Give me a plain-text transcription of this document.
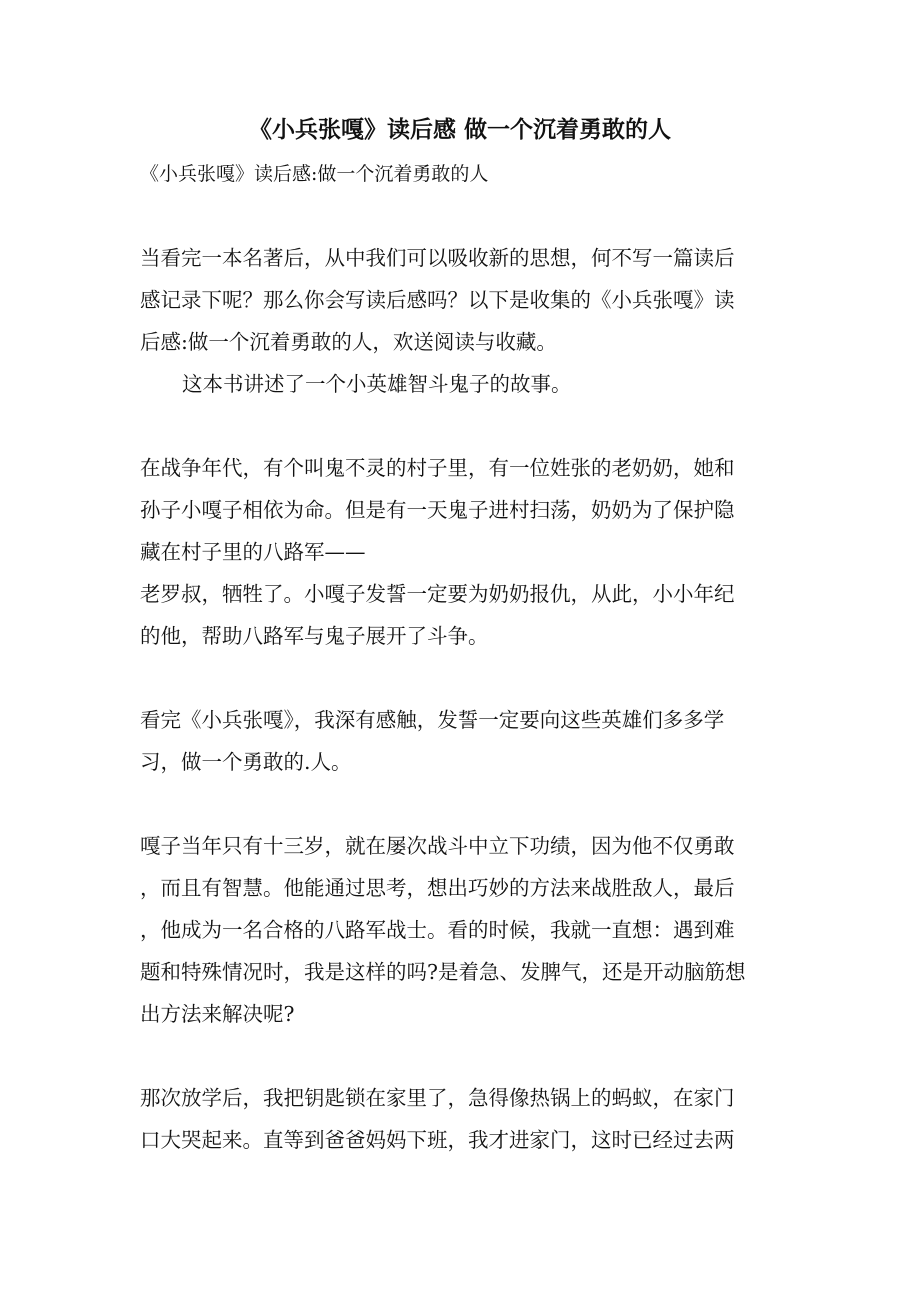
《小兵张嘎》读后感 做一个沉着勇敢的人

《小兵张嘎》读后感:做一个沉着勇敢的人

当看完一本名著后，从中我们可以吸收新的思想，何不写一篇读后

感记录下呢？那么你会写读后感吗？以下是收集的《小兵张嘎》读

后感:做一个沉着勇敢的人，欢送阅读与收藏。

这本书讲述了一个小英雄智斗鬼子的故事。

在战争年代，有个叫鬼不灵的村子里，有一位姓张的老奶奶，她和

孙子小嘎子相依为命。但是有一天鬼子进村扫荡，奶奶为了保护隐

藏在村子里的八路军——

老罗叔，牺牲了。小嘎子发誓一定要为奶奶报仇，从此，小小年纪

的他，帮助八路军与鬼子展开了斗争。

看完《小兵张嘎》，我深有感触，发誓一定要向这些英雄们多多学

习，做一个勇敢的.人。

嘎子当年只有十三岁，就在屡次战斗中立下功绩，因为他不仅勇敢

，而且有智慧。他能通过思考，想出巧妙的方法来战胜敌人，最后

，他成为一名合格的八路军战士。看的时候，我就一直想：遇到难

题和特殊情况时，我是这样的吗?是着急、发脾气，还是开动脑筋想

出方法来解决呢?

那次放学后，我把钥匙锁在家里了，急得像热锅上的蚂蚁，在家门

口大哭起来。直等到爸爸妈妈下班，我才进家门，这时已经过去两
